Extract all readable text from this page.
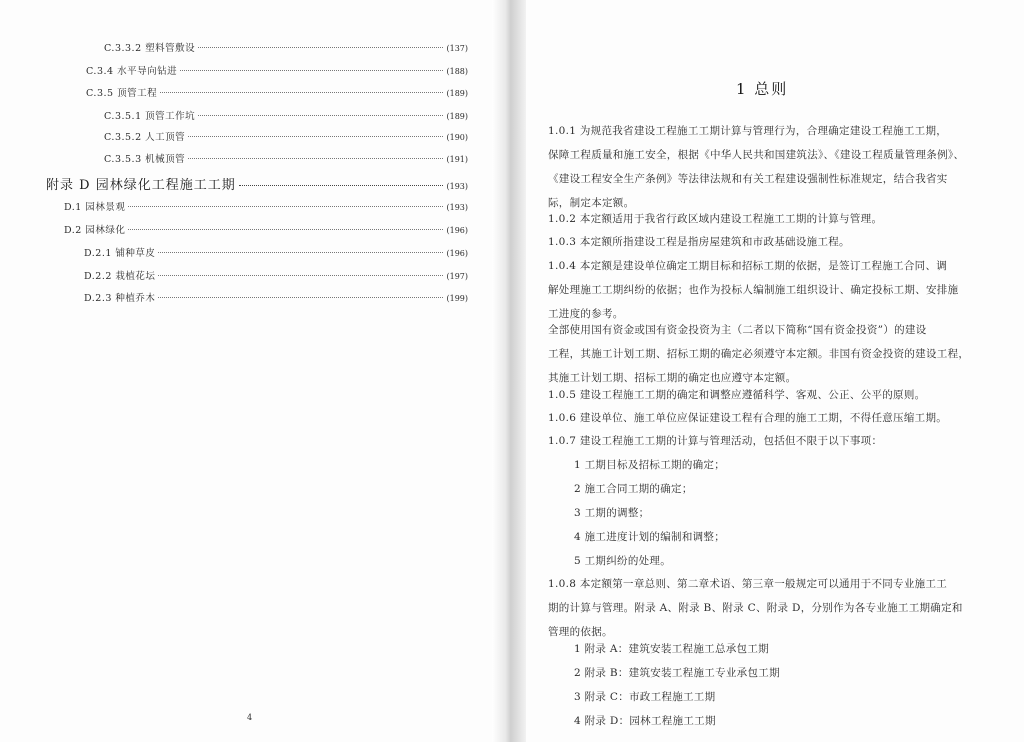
C.3.3.2 塑料管敷设	(137)
C.3.4 水平导向钻进	(188)
C.3.5 顶管工程	(189)
C.3.5.1 顶管工作坑	(189)
C.3.5.2 人工顶管	(190)
C.3.5.3 机械顶管	(191)
附录 D 园林绿化工程施工工期	(193)
D.1 园林景观	(193)
D.2 园林绿化	(196)
D.2.1 铺种草皮	(196)
D.2.2 栽植花坛	(197)
D.2.3 种植乔木	(199)
4
1 总则
1.0.1 为规范我省建设工程施工工期计算与管理行为，合理确定建设工程施工工期，
保障工程质量和施工安全，根据《中华人民共和国建筑法》、《建设工程质量管理条例》、
《建设工程安全生产条例》等法律法规和有关工程建设强制性标准规定，结合我省实
际，制定本定额。
1.0.2 本定额适用于我省行政区域内建设工程施工工期的计算与管理。
1.0.3 本定额所指建设工程是指房屋建筑和市政基础设施工程。
1.0.4 本定额是建设单位确定工期目标和招标工期的依据，是签订工程施工合同、调
解处理施工工期纠纷的依据；也作为投标人编制施工组织设计、确定投标工期、安排施
工进度的参考。
全部使用国有资金或国有资金投资为主（二者以下简称“国有资金投资”）的建设
工程，其施工计划工期、招标工期的确定必须遵守本定额。非国有资金投资的建设工程，
其施工计划工期、招标工期的确定也应遵守本定额。
1.0.5 建设工程施工工期的确定和调整应遵循科学、客观、公正、公平的原则。
1.0.6 建设单位、施工单位应保证建设工程有合理的施工工期，不得任意压缩工期。
1.0.7 建设工程施工工期的计算与管理活动，包括但不限于以下事项：
1 工期目标及招标工期的确定；
2 施工合同工期的确定；
3 工期的调整；
4 施工进度计划的编制和调整；
5 工期纠纷的处理。
1.0.8 本定额第一章总则、第二章术语、第三章一般规定可以通用于不同专业施工工
期的计算与管理。附录 A、附录 B、附录 C、附录 D，分别作为各专业施工工期确定和
管理的依据。
1 附录 A：建筑安装工程施工总承包工期
2 附录 B：建筑安装工程施工专业承包工期
3 附录 C：市政工程施工工期
4 附录 D：园林工程施工工期
